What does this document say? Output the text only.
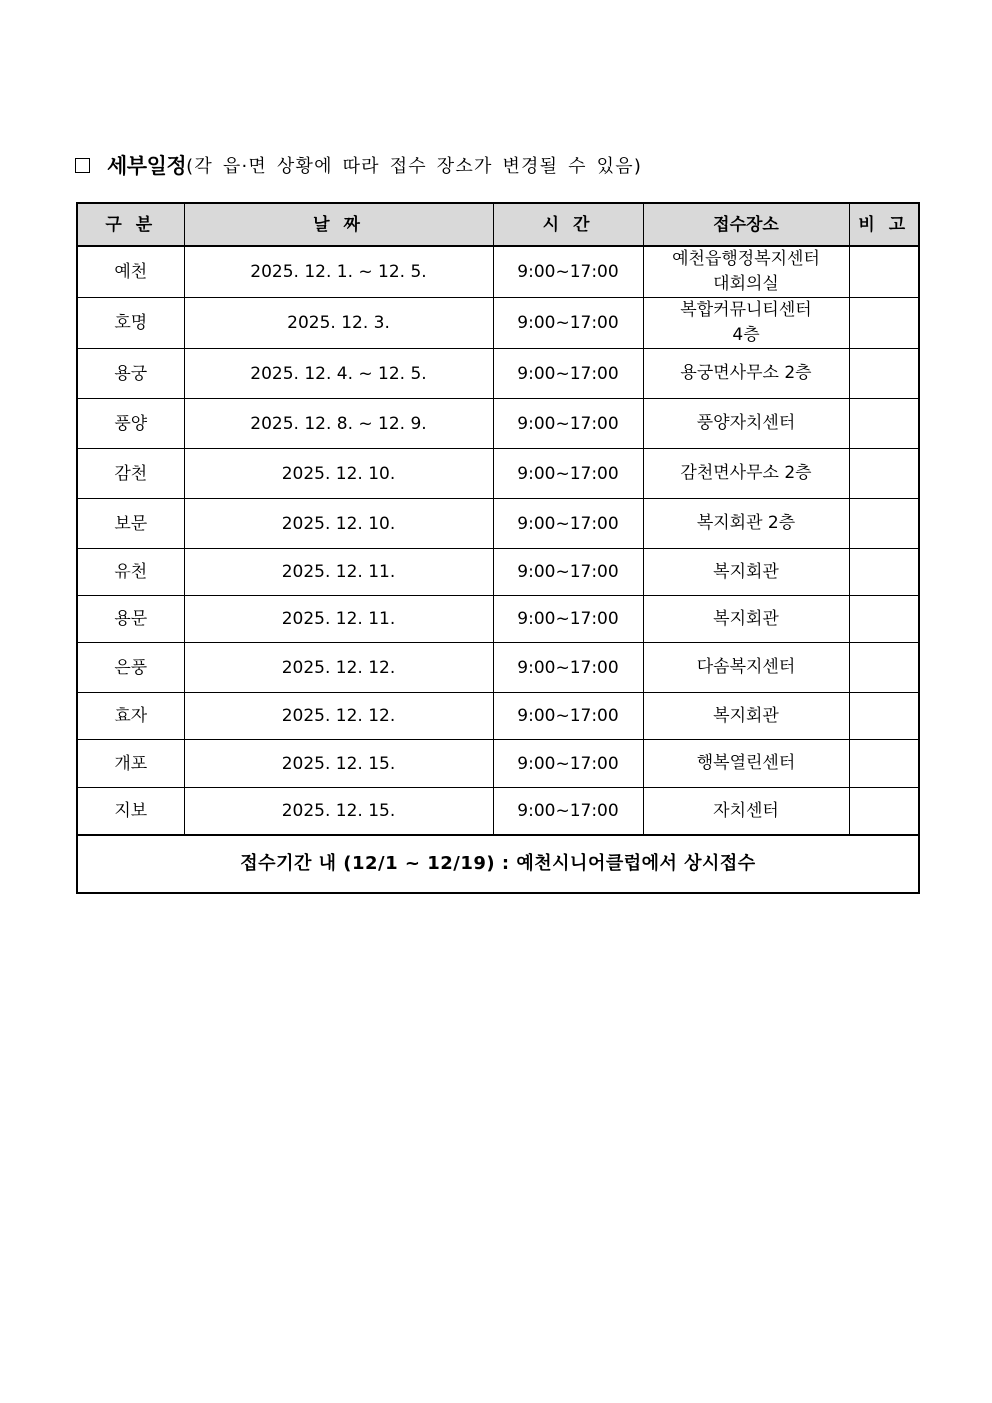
세부일정 (각 읍·면 상황에 따라 접수 장소가 변경될 수 있음)
구 분	날 짜	시 간	접수장소	비 고
예천	2025. 12. 1. ~ 12. 5.	9:00~17:00	예천읍행정복지센터
대회의실	
호명	2025. 12. 3.	9:00~17:00	복합커뮤니티센터
4층	
용궁	2025. 12. 4. ~ 12. 5.	9:00~17:00	용궁면사무소 2층	
풍양	2025. 12. 8. ~ 12. 9.	9:00~17:00	풍양자치센터	
감천	2025. 12. 10.	9:00~17:00	감천면사무소 2층	
보문	2025. 12. 10.	9:00~17:00	복지회관 2층	
유천	2025. 12. 11.	9:00~17:00	복지회관	
용문	2025. 12. 11.	9:00~17:00	복지회관	
은풍	2025. 12. 12.	9:00~17:00	다솜복지센터	
효자	2025. 12. 12.	9:00~17:00	복지회관	
개포	2025. 12. 15.	9:00~17:00	행복열린센터	
지보	2025. 12. 15.	9:00~17:00	자치센터	
접수기간 내 (12/1 ~ 12/19) : 예천시니어클럽에서 상시접수				
